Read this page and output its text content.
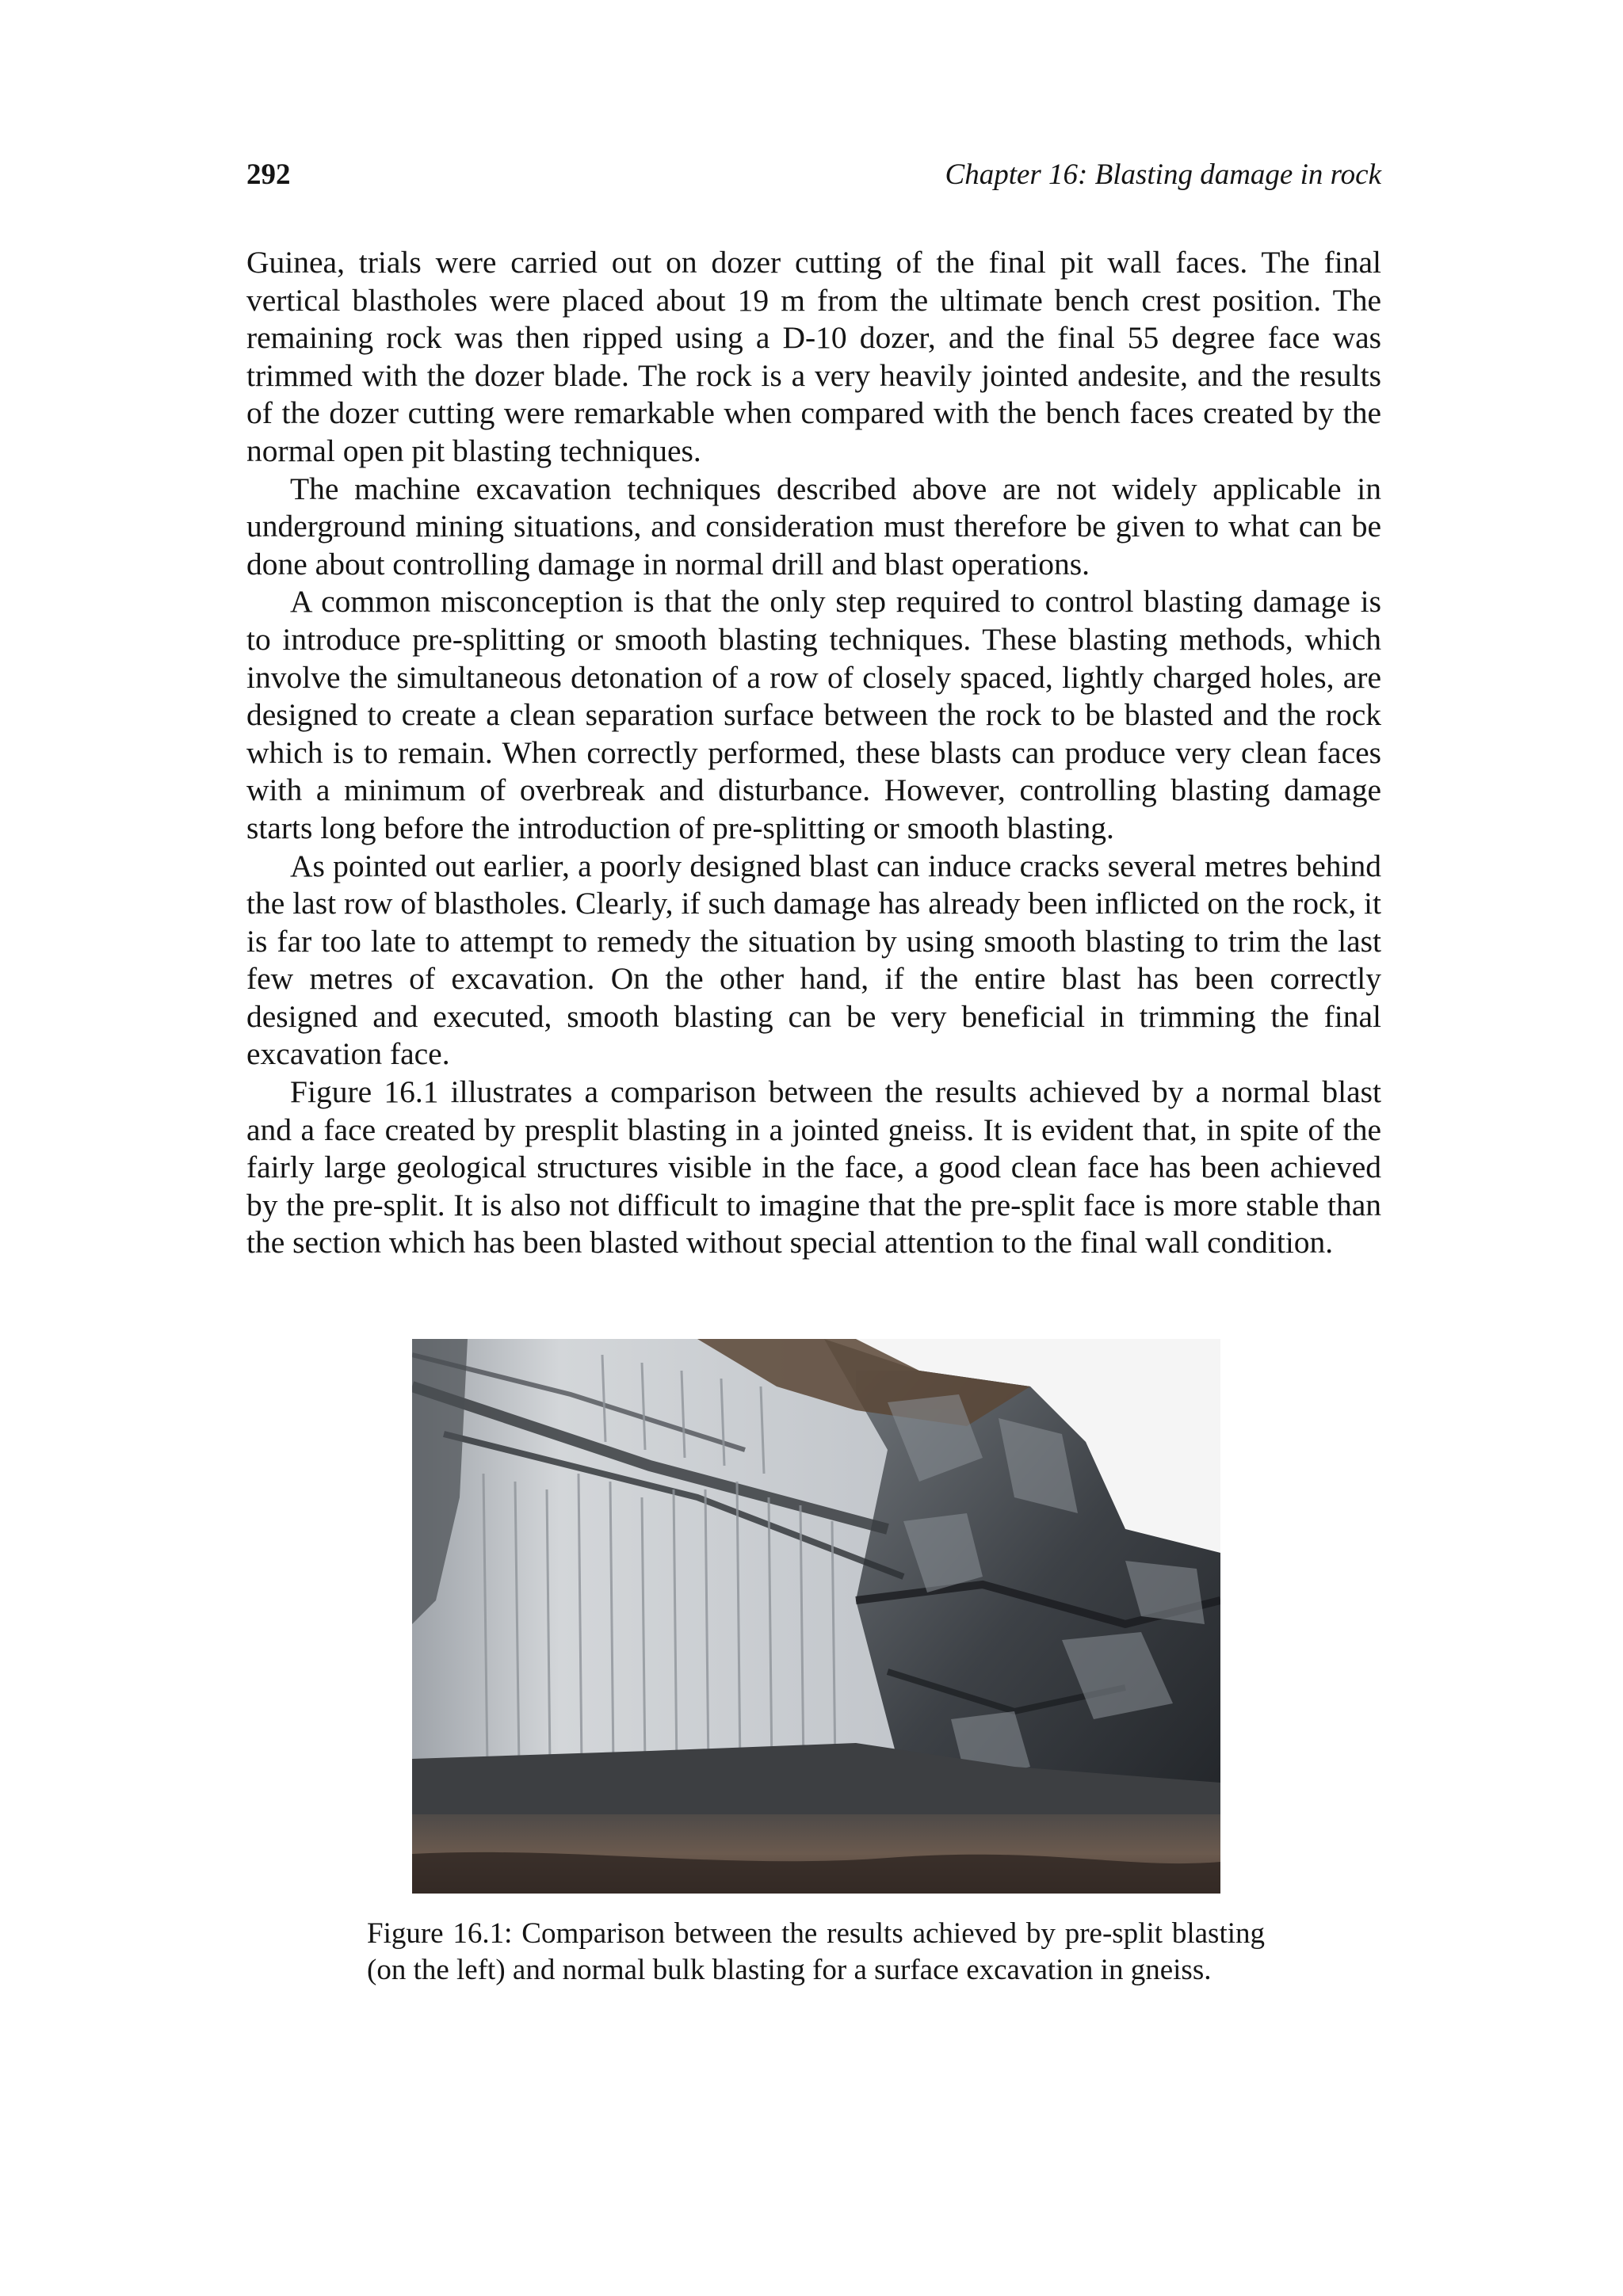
292	Chapter 16: Blasting damage in rock

Guinea, trials were carried out on dozer cutting of the final pit wall faces. The final vertical blastholes were placed about 19 m from the ultimate bench crest position. The remaining rock was then ripped using a D-10 dozer, and the final 55 degree face was trimmed with the dozer blade. The rock is a very heavily jointed andesite, and the results of the dozer cutting were remarkable when compared with the bench faces created by the normal open pit blasting techniques.

The machine excavation techniques described above are not widely applicable in underground mining situations, and consideration must therefore be given to what can be done about controlling damage in normal drill and blast operations.

A common misconception is that the only step required to control blasting damage is to introduce pre-splitting or smooth blasting techniques. These blasting methods, which involve the simultaneous detonation of a row of closely spaced, lightly charged holes, are designed to create a clean separation surface between the rock to be blasted and the rock which is to remain. When correctly performed, these blasts can produce very clean faces with a minimum of overbreak and disturbance. However, controlling blasting damage starts long before the introduction of pre-splitting or smooth blasting.

As pointed out earlier, a poorly designed blast can induce cracks several metres behind the last row of blastholes. Clearly, if such damage has already been inflicted on the rock, it is far too late to attempt to remedy the situation by using smooth blasting to trim the last few metres of excavation. On the other hand, if the entire blast has been correctly designed and executed, smooth blasting can be very beneficial in trimming the final excavation face.

Figure 16.1 illustrates a comparison between the results achieved by a normal blast and a face created by presplit blasting in a jointed gneiss. It is evident that, in spite of the fairly large geological structures visible in the face, a good clean face has been achieved by the pre-split. It is also not difficult to imagine that the pre-split face is more stable than the section which has been blasted without special attention to the final wall condition.

Figure 16.1: Comparison between the results achieved by pre-split blasting (on the left) and normal bulk blasting for a surface excavation in gneiss.
